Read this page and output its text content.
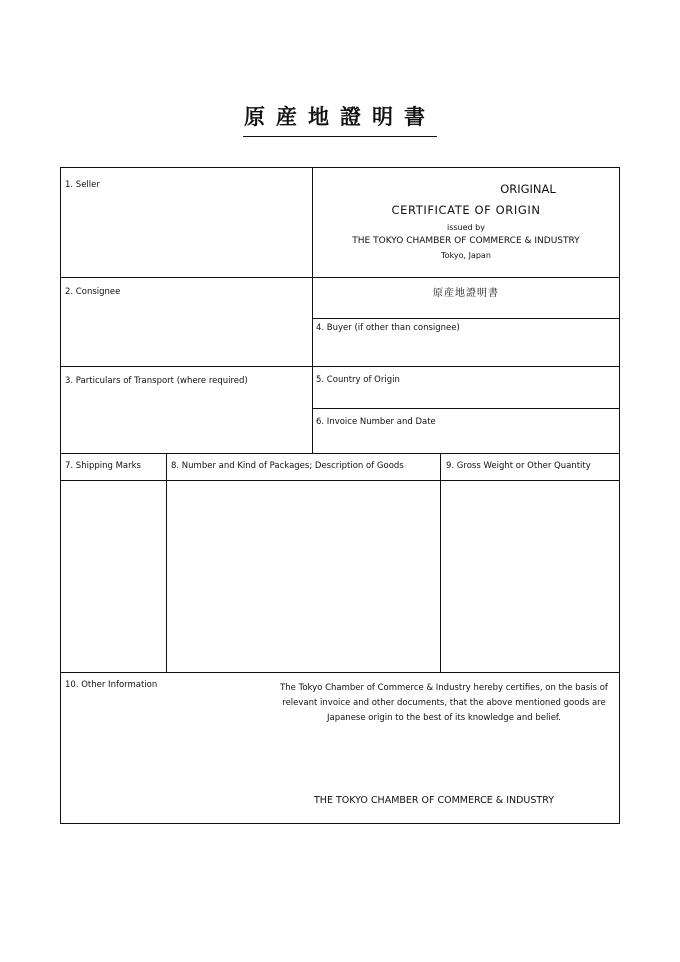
原産地證明書
1. Seller
2. Consignee
3. Particulars of Transport (where required)
4. Buyer (if other than consignee)
5. Country of Origin
6. Invoice Number and Date
7. Shipping Marks	8. Number and Kind of Packages; Description of Goods	9. Gross Weight or Other Quantity
10. Other Information
ORIGINAL
CERTIFICATE OF ORIGIN
issued by
THE TOKYO CHAMBER OF COMMERCE & INDUSTRY
Tokyo, Japan
原産地證明書
The Tokyo Chamber of Commerce & Industry hereby certifies, on the basis of
relevant invoice and other documents, that the above mentioned goods are
Japanese origin to the best of its knowledge and belief.
THE TOKYO CHAMBER OF COMMERCE & INDUSTRY
